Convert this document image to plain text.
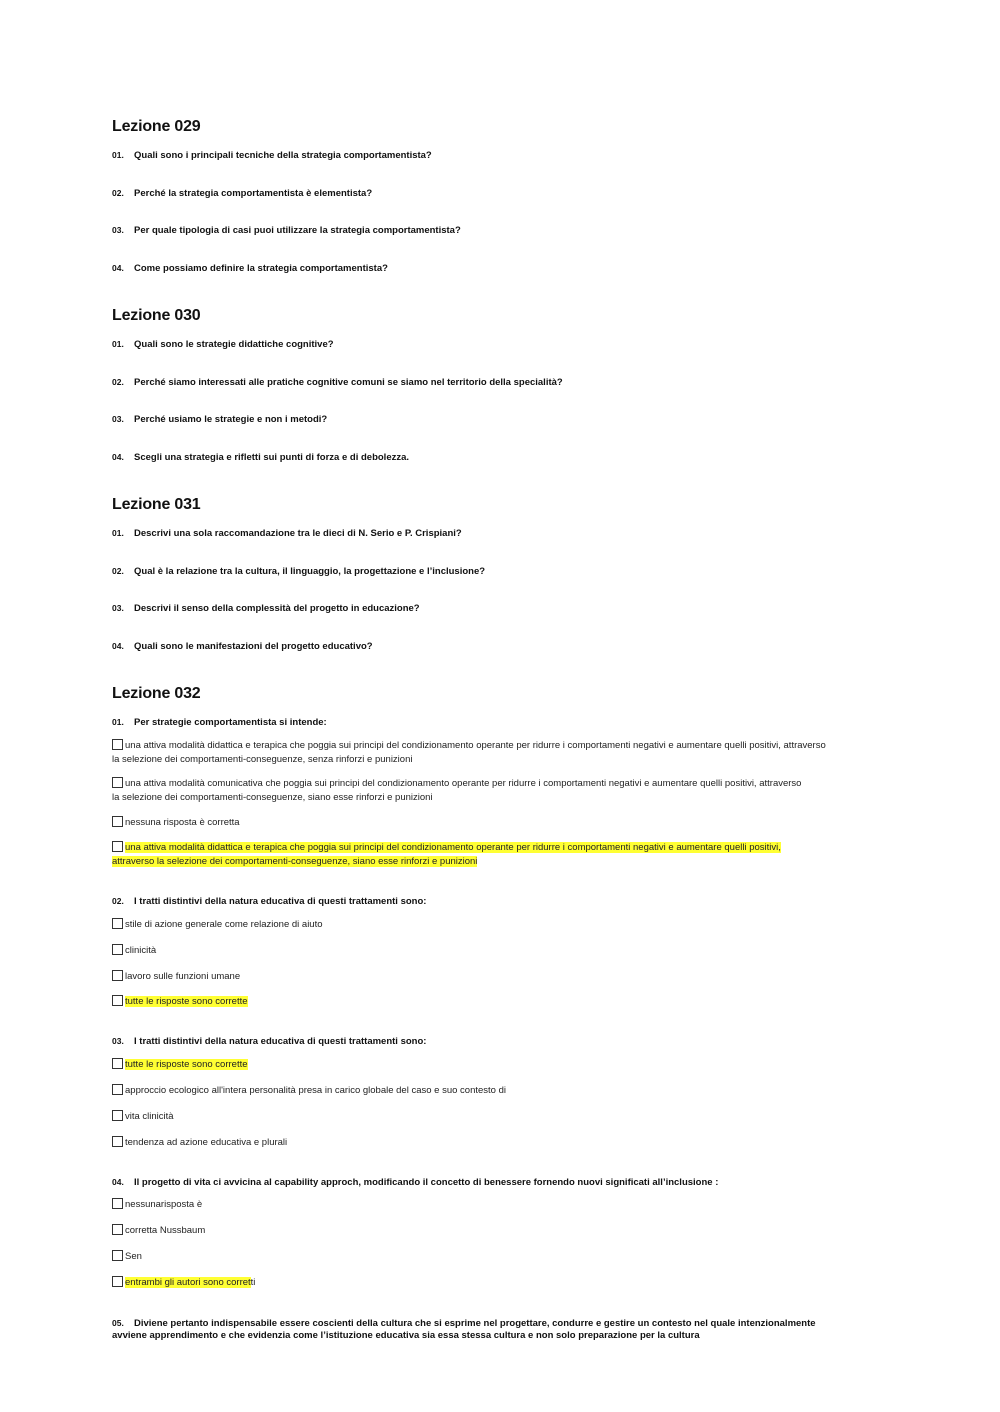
Lezione 029
01. Quali sono i principali tecniche della strategia comportamentista?
02. Perché la strategia comportamentista è elementista?
03. Per quale tipologia di casi puoi utilizzare la strategia comportamentista?
04. Come possiamo definire la strategia comportamentista?
Lezione 030
01. Quali sono le strategie didattiche cognitive?
02. Perché siamo interessati alle pratiche cognitive comuni se siamo nel territorio della specialità?
03. Perché usiamo le strategie e non i metodi?
04. Scegli una strategia e rifletti sui punti di forza e di debolezza.
Lezione 031
01. Descrivi una sola raccomandazione tra le dieci di N. Serio e P. Crispiani?
02. Qual è la relazione tra la cultura, il linguaggio, la progettazione e l’inclusione?
03. Descrivi il senso della complessità del progetto in educazione?
04. Quali sono le manifestazioni del progetto educativo?
Lezione 032
01. Per strategie comportamentista si intende:
una attiva modalità didattica e terapica che poggia sui principi del condizionamento operante per ridurre i comportamenti negativi e aumentare quelli positivi, attraverso
la selezione dei comportamenti-conseguenze, senza rinforzi e punizioni
una attiva modalità comunicativa che poggia sui principi del condizionamento operante per ridurre i comportamenti negativi e aumentare quelli positivi, attraverso
la selezione dei comportamenti-conseguenze, siano esse rinforzi e punizioni
nessuna risposta è corretta
una attiva modalità didattica e terapica che poggia sui principi del condizionamento operante per ridurre i comportamenti negativi e aumentare quelli positivi,
attraverso la selezione dei comportamenti-conseguenze, siano esse rinforzi e punizioni
02. I tratti distintivi della natura educativa di questi trattamenti sono:
stile di azione generale come relazione di aiuto
clinicità
lavoro sulle funzioni umane
tutte le risposte sono corrette
03. I tratti distintivi della natura educativa di questi trattamenti sono:
tutte le risposte sono corrette
approccio ecologico all'intera personalità presa in carico globale del caso e suo contesto di
vita clinicità
tendenza ad azione educativa e plurali
04. Il progetto di vita ci avvicina al capability approch, modificando il concetto di benessere fornendo nuovi significati all’inclusione :
nessunarisposta è
corretta Nussbaum
Sen
entrambi gli autori sono corretti
05. Diviene pertanto indispensabile essere coscienti della cultura che si esprime nel progettare, condurre e gestire un contesto nel quale intenzionalmente
avviene apprendimento e che evidenzia come l’istituzione educativa sia essa stessa cultura e non solo preparazione per la cultura
